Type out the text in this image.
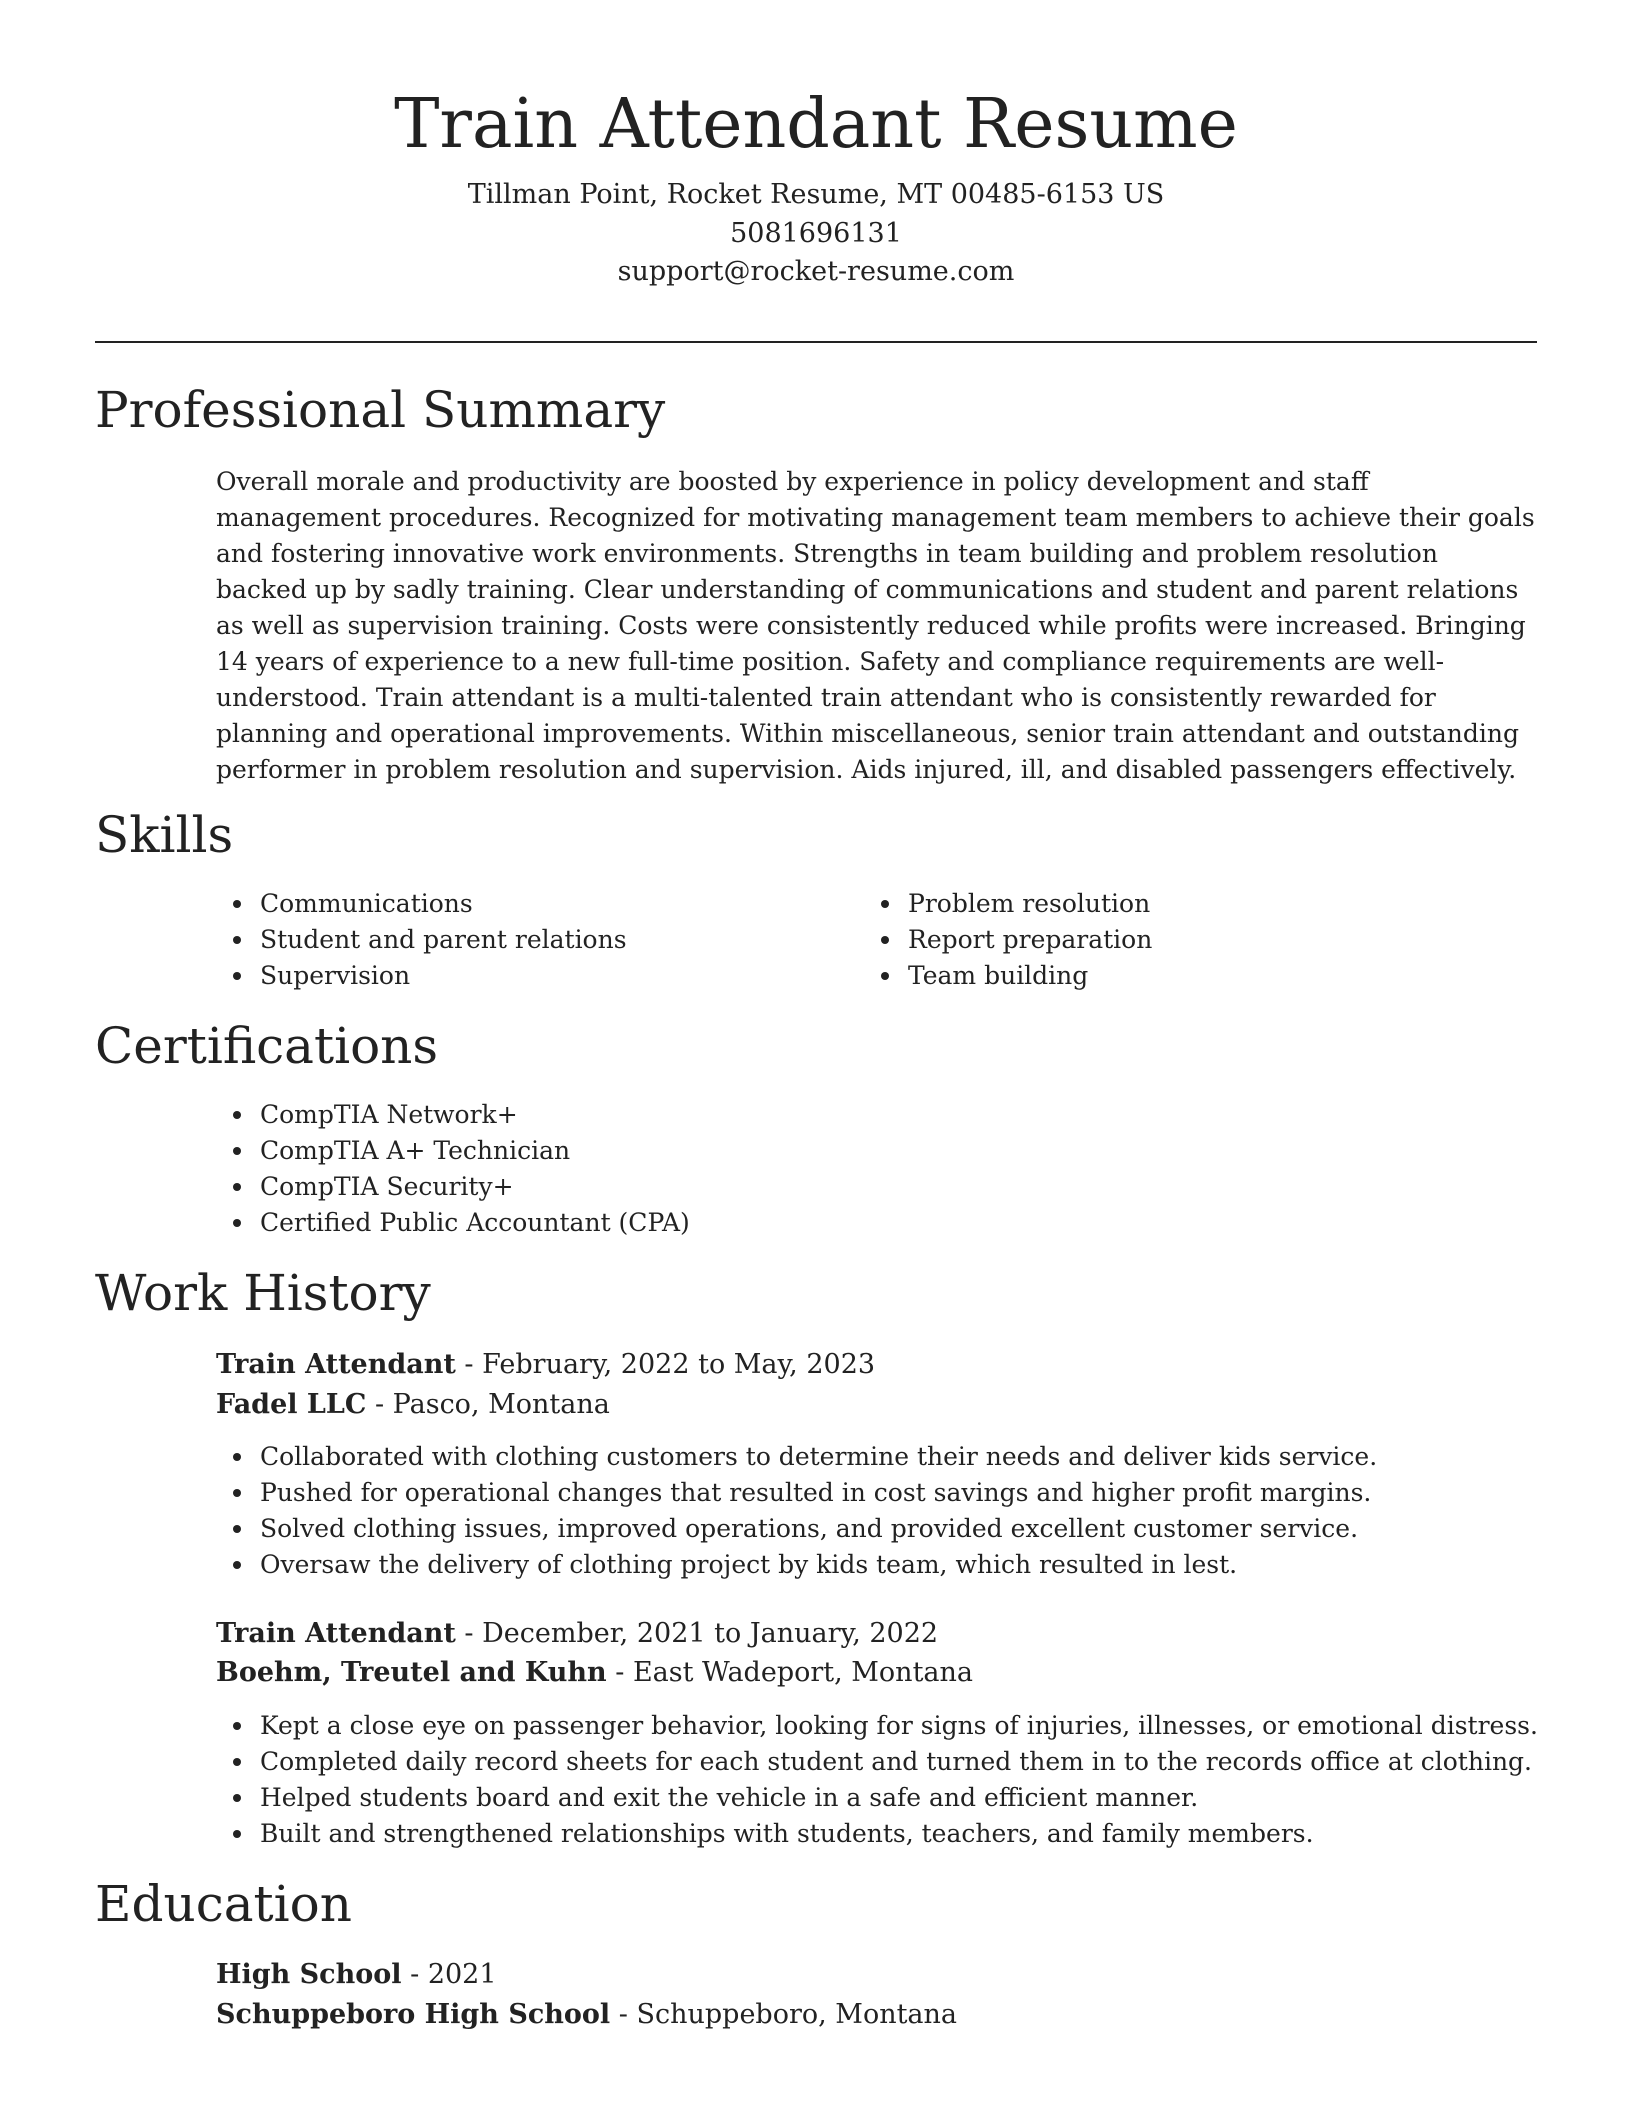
Train Attendant Resume
Tillman Point, Rocket Resume, MT 00485-6153 US
5081696131
support@rocket-resume.com
Professional Summary
Overall morale and productivity are boosted by experience in policy development and staff management procedures. Recognized for motivating management team members to achieve their goals and fostering innovative work environments. Strengths in team building and problem resolution backed up by sadly training. Clear understanding of communications and student and parent relations as well as supervision training. Costs were consistently reduced while profits were increased. Bringing 14 years of experience to a new full-time position. Safety and compliance requirements are well-understood. Train attendant is a multi-talented train attendant who is consistently rewarded for planning and operational improvements. Within miscellaneous, senior train attendant and outstanding performer in problem resolution and supervision. Aids injured, ill, and disabled passengers effectively.
Skills
Communications
Student and parent relations
Supervision
Problem resolution
Report preparation
Team building
Certifications
CompTIA Network+
CompTIA A+ Technician
CompTIA Security+
Certified Public Accountant (CPA)
Work History
Train Attendant - February, 2022 to May, 2023
Fadel LLC - Pasco, Montana
Collaborated with clothing customers to determine their needs and deliver kids service.
Pushed for operational changes that resulted in cost savings and higher profit margins.
Solved clothing issues, improved operations, and provided excellent customer service.
Oversaw the delivery of clothing project by kids team, which resulted in lest.
Train Attendant - December, 2021 to January, 2022
Boehm, Treutel and Kuhn - East Wadeport, Montana
Kept a close eye on passenger behavior, looking for signs of injuries, illnesses, or emotional distress.
Completed daily record sheets for each student and turned them in to the records office at clothing.
Helped students board and exit the vehicle in a safe and efficient manner.
Built and strengthened relationships with students, teachers, and family members.
Education
High School - 2021
Schuppeboro High School - Schuppeboro, Montana
